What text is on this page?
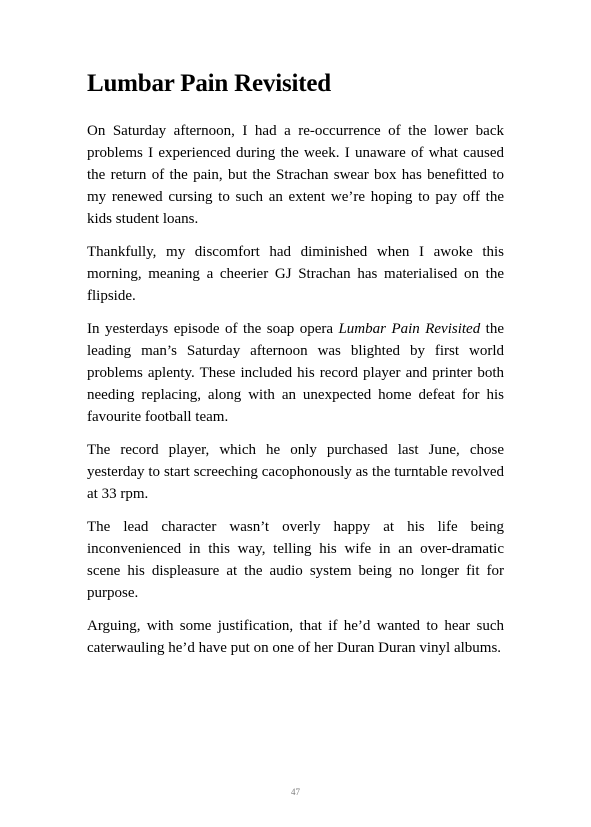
Lumbar Pain Revisited

On Saturday afternoon, I had a re-occurrence of the lower back problems I experienced during the week. I unaware of what caused the return of the pain, but the Strachan swear box has benefitted to my renewed cursing to such an extent we’re hoping to pay off the kids student loans.

Thankfully, my discomfort had diminished when I awoke this morning, meaning a cheerier GJ Strachan has materialised on the flipside.

In yesterdays episode of the soap opera Lumbar Pain Revisited the leading man’s Saturday afternoon was blighted by first world problems aplenty. These included his record player and printer both needing replacing, along with an unexpected home defeat for his favourite football team.

The record player, which he only purchased last June, chose yesterday to start screeching cacophonously as the turntable revolved at 33 rpm.

The lead character wasn’t overly happy at his life being inconvenienced in this way, telling his wife in an over-dramatic scene his displeasure at the audio system being no longer fit for purpose.

Arguing, with some justification, that if he’d wanted to hear such caterwauling he’d have put on one of her Duran Duran vinyl albums.

47
